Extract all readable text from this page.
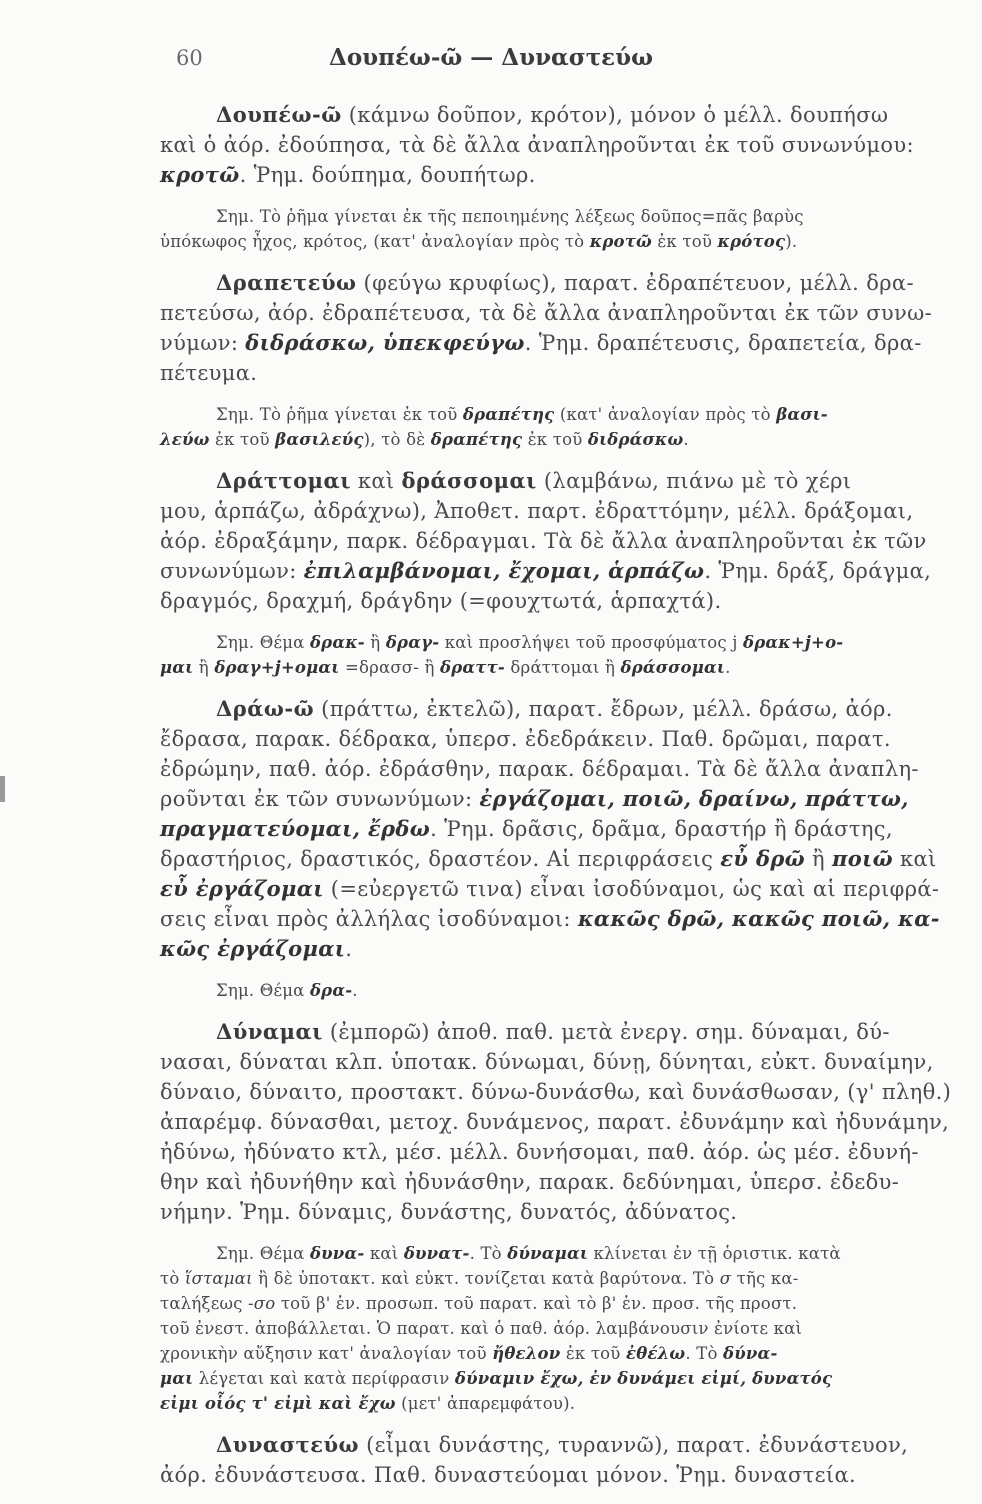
60	Δουπέω-ῶ — Δυναστεύω
Δουπέω-ῶ (κάμνω δοῦπον, κρότον), μόνον ὁ μέλλ. δουπήσω
καὶ ὁ ἀόρ. ἐδούπησα, τὰ δὲ ἄλλα ἀναπληροῦνται ἐκ τοῦ συνωνύμου:
κροτῶ. Ῥημ. δούπημα, δουπήτωρ.
Σημ. Τὸ ῥῆμα γίνεται ἐκ τῆς πεποιημένης λέξεως δοῦπος=πᾶς βαρὺς
ὑπόκωφος ἦχος, κρότος, (κατ' ἀναλογίαν πρὸς τὸ κροτῶ ἐκ τοῦ κρότος).
Δραπετεύω (φεύγω κρυφίως), παρατ. ἐδραπέτευον, μέλλ. δρα-
πετεύσω, ἀόρ. ἐδραπέτευσα, τὰ δὲ ἄλλα ἀναπληροῦνται ἐκ τῶν συνω-
νύμων: διδράσκω, ὑπεκφεύγω. Ῥημ. δραπέτευσις, δραπετεία, δρα-
πέτευμα.
Σημ. Τὸ ῥῆμα γίνεται ἐκ τοῦ δραπέτης (κατ' ἀναλογίαν πρὸς τὸ βασι-
λεύω ἐκ τοῦ βασιλεύς), τὸ δὲ δραπέτης ἐκ τοῦ διδράσκω.
Δράττομαι καὶ δράσσομαι (λαμβάνω, πιάνω μὲ τὸ χέρι
μου, ἁρπάζω, ἀδράχνω), Ἀποθετ. παρτ. ἐδραττόμην, μέλλ. δράξομαι,
ἀόρ. ἐδραξάμην, παρκ. δέδραγμαι. Τὰ δὲ ἄλλα ἀναπληροῦνται ἐκ τῶν
συνωνύμων: ἐπιλαμβάνομαι, ἔχομαι, ἁρπάζω. Ῥημ. δράξ, δράγμα,
δραγμός, δραχμή, δράγδην (=φουχτωτά, ἁρπαχτά).
Σημ. Θέμα δρακ- ἢ δραγ- καὶ προσλήψει τοῦ προσφύματος j δρακ+j+ο-
μαι ἢ δραγ+j+ομαι =δρασσ- ἢ δραττ- δράττομαι ἢ δράσσομαι.
Δράω-ῶ (πράττω, ἐκτελῶ), παρατ. ἔδρων, μέλλ. δράσω, ἀόρ.
ἔδρασα, παρακ. δέδρακα, ὑπερσ. ἐδεδράκειν. Παθ. δρῶμαι, παρατ.
ἐδρώμην, παθ. ἀόρ. ἐδράσθην, παρακ. δέδραμαι. Τὰ δὲ ἄλλα ἀναπλη-
ροῦνται ἐκ τῶν συνωνύμων: ἐργάζομαι, ποιῶ, δραίνω, πράττω,
πραγματεύομαι, ἔρδω. Ῥημ. δρᾶσις, δρᾶμα, δραστήρ ἢ δράστης,
δραστήριος, δραστικός, δραστέον. Αἱ περιφράσεις εὖ δρῶ ἢ ποιῶ καὶ
εὖ ἐργάζομαι (=εὐεργετῶ τινα) εἶναι ἰσοδύναμοι, ὡς καὶ αἱ περιφρά-
σεις εἶναι πρὸς ἀλλήλας ἰσοδύναμοι: κακῶς δρῶ, κακῶς ποιῶ, κα-
κῶς ἐργάζομαι.
Σημ. Θέμα δρα-.
Δύναμαι (ἐμπορῶ) ἀποθ. παθ. μετὰ ἐνεργ. σημ. δύναμαι, δύ-
νασαι, δύναται κλπ. ὑποτακ. δύνωμαι, δύνῃ, δύνηται, εὐκτ. δυναίμην,
δύναιο, δύναιτο, προστακτ. δύνω-δυνάσθω, καὶ δυνάσθωσαν, (γ' πληθ.)
ἀπαρέμφ. δύνασθαι, μετοχ. δυνάμενος, παρατ. ἐδυνάμην καὶ ἠδυνάμην,
ἠδύνω, ἠδύνατο κτλ, μέσ. μέλλ. δυνήσομαι, παθ. ἀόρ. ὡς μέσ. ἐδυνή-
θην καὶ ἠδυνήθην καὶ ἠδυνάσθην, παρακ. δεδύνημαι, ὑπερσ. ἐδεδυ-
νήμην. Ῥημ. δύναμις, δυνάστης, δυνατός, ἀδύνατος.
Σημ. Θέμα δυνα- καὶ δυνατ-. Τὸ δύναμαι κλίνεται ἐν τῇ ὁριστικ. κατὰ
τὸ ἵσταμαι ἢ δὲ ὑποτακτ. καὶ εὐκτ. τονίζεται κατὰ βαρύτονα. Τὸ σ τῆς κα-
ταλήξεως -σο τοῦ β' ἑν. προσωπ. τοῦ παρατ. καὶ τὸ β' ἑν. προσ. τῆς προστ.
τοῦ ἐνεστ. ἀποβάλλεται. Ὁ παρατ. καὶ ὁ παθ. ἀόρ. λαμβάνουσιν ἐνίοτε καὶ
χρονικὴν αὔξησιν κατ' ἀναλογίαν τοῦ ἤθελον ἐκ τοῦ ἐθέλω. Τὸ δύνα-
μαι λέγεται καὶ κατὰ περίφρασιν δύναμιν ἔχω, ἐν δυνάμει εἰμί, δυνατός
εἰμι οἷός τ' εἰμὶ καὶ ἔχω (μετ' ἀπαρεμφάτου).
Δυναστεύω (εἶμαι δυνάστης, τυραννῶ), παρατ. ἐδυνάστευον,
ἀόρ. ἐδυνάστευσα. Παθ. δυναστεύομαι μόνον. Ῥημ. δυναστεία.
